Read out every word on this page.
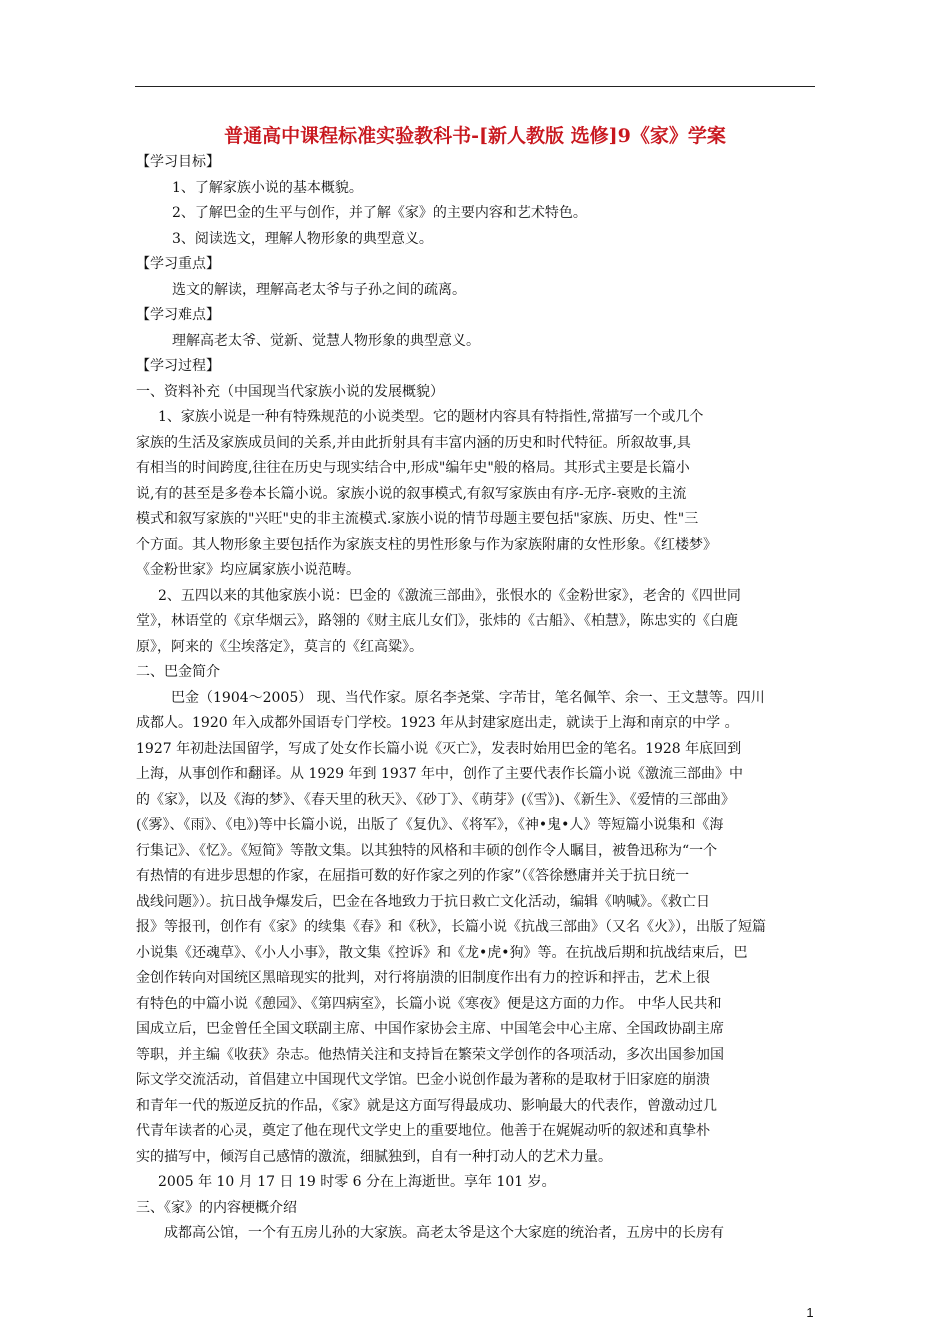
普通高中课程标准实验教科书-[新人教版 选修]9《家》学案
【学习目标】
1、了解家族小说的基本概貌。
2、了解巴金的生平与创作，并了解《家》的主要内容和艺术特色。
3、阅读选文，理解人物形象的典型意义。
【学习重点】
选文的解读，理解高老太爷与子孙之间的疏离。
【学习难点】
理解高老太爷、觉新、觉慧人物形象的典型意义。
【学习过程】
一、资料补充（中国现当代家族小说的发展概貌）
1、家族小说是一种有特殊规范的小说类型。它的题材内容具有特指性,常描写一个或几个
家族的生活及家族成员间的关系,并由此折射具有丰富内涵的历史和时代特征。所叙故事,具
有相当的时间跨度,往往在历史与现实结合中,形成"编年史"般的格局。其形式主要是长篇小
说,有的甚至是多卷本长篇小说。家族小说的叙事模式,有叙写家族由有序-无序-衰败的主流
模式和叙写家族的"兴旺"史的非主流模式.家族小说的情节母题主要包括"家族、历史、性"三
个方面。其人物形象主要包括作为家族支柱的男性形象与作为家族附庸的女性形象。《红楼梦》
《金粉世家》均应属家族小说范畴。
2、五四以来的其他家族小说：巴金的《激流三部曲》，张恨水的《金粉世家》，老舍的《四世同
堂》，林语堂的《京华烟云》，路翎的《财主底儿女们》，张炜的《古船》、《柏慧》，陈忠实的《白鹿
原》，阿来的《尘埃落定》，莫言的《红高粱》。
二、巴金简介
巴金（1904～2005） 现、当代作家。原名李尧棠、字芾甘，笔名佩竿、余一、王文慧等。四川
成都人。1920 年入成都外国语专门学校。1923 年从封建家庭出走，就读于上海和南京的中学 。
1927 年初赴法国留学，写成了处女作长篇小说《灭亡》，发表时始用巴金的笔名。1928 年底回到
上海，从事创作和翻译。从 1929 年到 1937 年中，创作了主要代表作长篇小说《激流三部曲》中
的《家》，以及《海的梦》、《春天里的秋天》、《砂丁》、《萌芽》(《雪》)、《新生》、《爱情的三部曲》
(《雾》、《雨》、《电》)等中长篇小说，出版了《复仇》、《将军》，《神•鬼•人》等短篇小说集和《海
行集记》、《忆》。《短简》等散文集。以其独特的风格和丰硕的创作令人瞩目，被鲁迅称为“一个
有热情的有进步思想的作家，在屈指可数的好作家之列的作家”（《答徐懋庸并关于抗日统一
战线问题》）。抗日战争爆发后，巴金在各地致力于抗日救亡文化活动，编辑《呐喊》。《救亡日
报》等报刊，创作有《家》的续集《春》和《秋》，长篇小说《抗战三部曲》（又名《火》），出版了短篇
小说集《还魂草》、《小人小事》，散文集《控诉》和《龙•虎•狗》等。在抗战后期和抗战结束后，巴
金创作转向对国统区黑暗现实的批判，对行将崩溃的旧制度作出有力的控诉和抨击，艺术上很
有特色的中篇小说《憩园》、《第四病室》，长篇小说《寒夜》便是这方面的力作。 中华人民共和
国成立后，巴金曾任全国文联副主席、中国作家协会主席、中国笔会中心主席、全国政协副主席
等职，并主编《收获》杂志。他热情关注和支持旨在繁荣文学创作的各项活动，多次出国参加国
际文学交流活动，首倡建立中国现代文学馆。巴金小说创作最为著称的是取材于旧家庭的崩溃
和青年一代的叛逆反抗的作品，《家》就是这方面写得最成功、影响最大的代表作，曾激动过几
代青年读者的心灵，奠定了他在现代文学史上的重要地位。他善于在娓娓动听的叙述和真挚朴
实的描写中，倾泻自己感情的激流，细腻独到，自有一种打动人的艺术力量。
2005 年 10 月 17 日 19 时零 6 分在上海逝世。享年 101 岁。
三、《家》的内容梗概介绍
成都高公馆，一个有五房儿孙的大家族。高老太爷是这个大家庭的统治者，五房中的长房有
1
